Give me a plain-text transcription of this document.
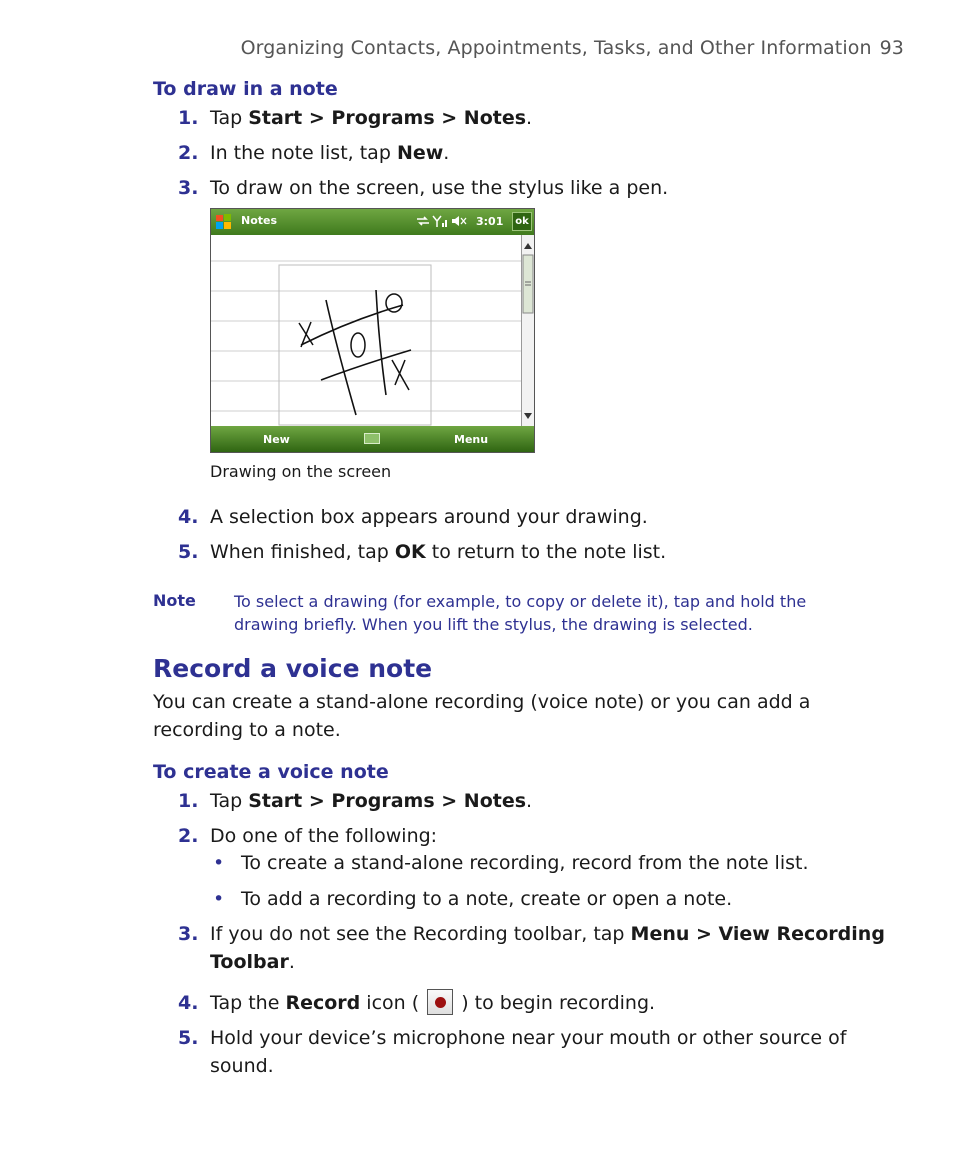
Organizing Contacts, Appointments, Tasks, and Other Information 93
To draw in a note
1. Tap Start > Programs > Notes.
2. In the note list, tap New.
3. To draw on the screen, use the stylus like a pen.
Notes	3:01	ok
New	Menu
Drawing on the screen
4. A selection box appears around your drawing.
5. When finished, tap OK to return to the note list.
Note To select a drawing (for example, to copy or delete it), tap and hold the drawing briefly. When you lift the stylus, the drawing is selected.
Record a voice note
You can create a stand-alone recording (voice note) or you can add a recording to a note.
To create a voice note
1. Tap Start > Programs > Notes.
2. Do one of the following:
• To create a stand-alone recording, record from the note list.
• To add a recording to a note, create or open a note.
3. If you do not see the Recording toolbar, tap Menu > View Recording
Toolbar.
4. Tap the Record icon (  ) to begin recording.
5. Hold your device’s microphone near your mouth or other source of
sound.
